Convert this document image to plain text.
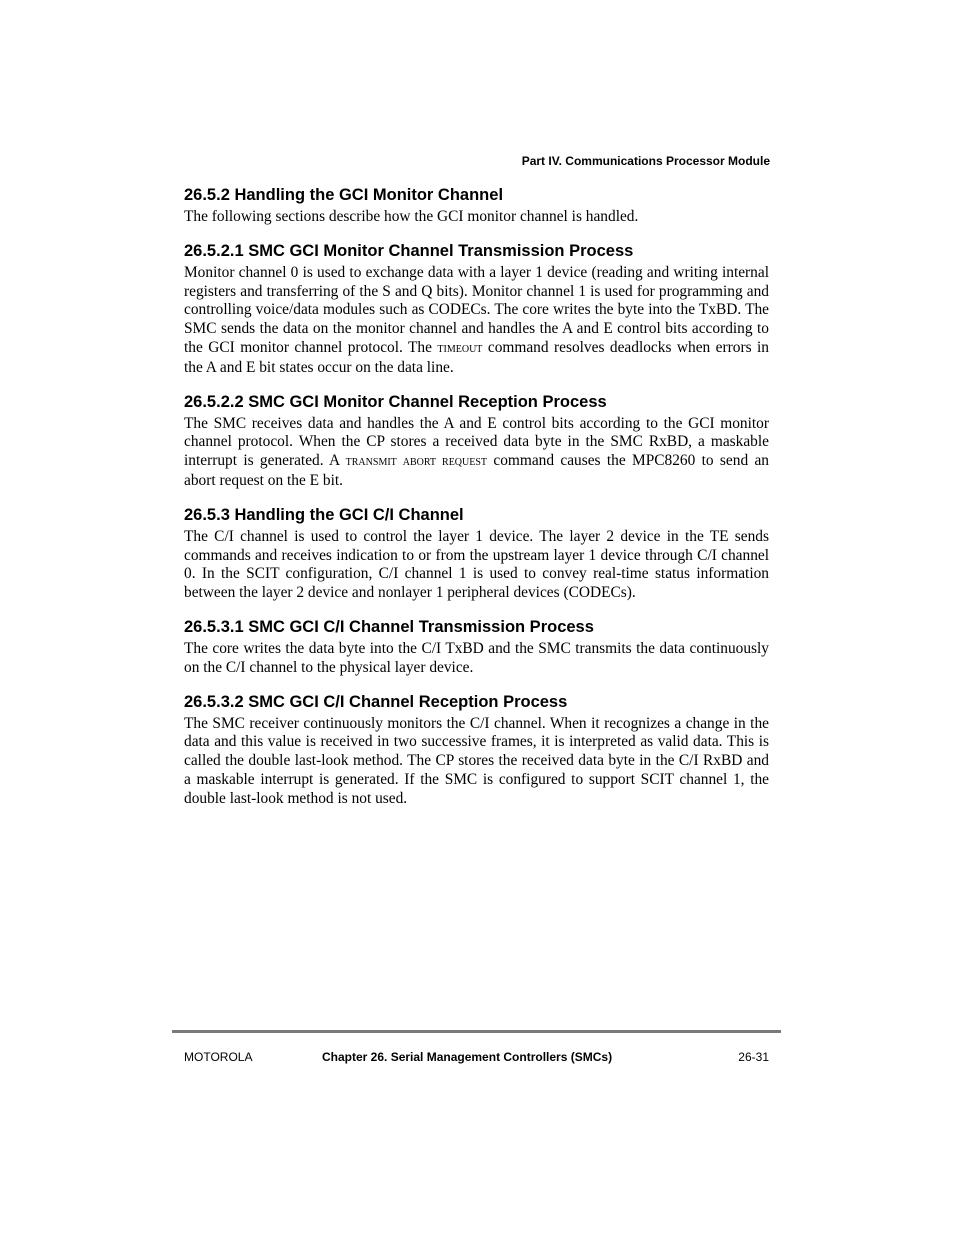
Part IV. Communications Processor Module
26.5.2 Handling the GCI Monitor Channel

The following sections describe how the GCI monitor channel is handled.

26.5.2.1 SMC GCI Monitor Channel Transmission Process

Monitor channel 0 is used to exchange data with a layer 1 device (reading and writing internal registers and transferring of the S and Q bits). Monitor channel 1 is used for programming and controlling voice/data modules such as CODECs. The core writes the byte into the TxBD. The SMC sends the data on the monitor channel and handles the A and E control bits according to the GCI monitor channel protocol. The timeout command resolves deadlocks when errors in the A and E bit states occur on the data line.

26.5.2.2 SMC GCI Monitor Channel Reception Process

The SMC receives data and handles the A and E control bits according to the GCI monitor channel protocol. When the CP stores a received data byte in the SMC RxBD, a maskable interrupt is generated. A transmit abort request command causes the MPC8260 to send an abort request on the E bit.

26.5.3 Handling the GCI C/I Channel

The C/I channel is used to control the layer 1 device. The layer 2 device in the TE sends commands and receives indication to or from the upstream layer 1 device through C/I channel 0. In the SCIT configuration, C/I channel 1 is used to convey real-time status information between the layer 2 device and nonlayer 1 peripheral devices (CODECs).

26.5.3.1 SMC GCI C/I Channel Transmission Process

The core writes the data byte into the C/I TxBD and the SMC transmits the data continuously on the C/I channel to the physical layer device.

26.5.3.2 SMC GCI C/I Channel Reception Process

The SMC receiver continuously monitors the C/I channel. When it recognizes a change in the data and this value is received in two successive frames, it is interpreted as valid data. This is called the double last-look method. The CP stores the received data byte in the C/I RxBD and a maskable interrupt is generated. If the SMC is configured to support SCIT channel 1, the double last-look method is not used.

MOTOROLA	Chapter 26. Serial Management Controllers (SMCs)	26-31
